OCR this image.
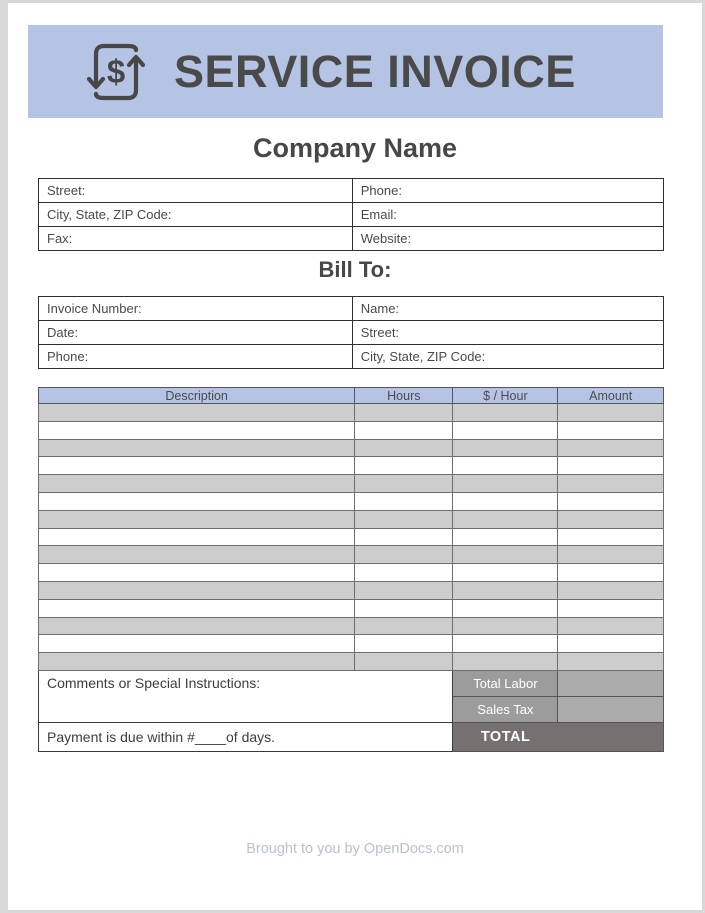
$ SERVICE INVOICE
Company Name
Street:	Phone:
City, State, ZIP Code:	Email:
Fax:	Website:
Bill To:
Invoice Number:	Name:
Date:	Street:
Phone:	City, State, ZIP Code:
Description	Hours	$ / Hour	Amount

Comments or Special Instructions:		Total Labor	
		Sales Tax	
Payment is due within #____of days.		TOTAL	
Brought to you by OpenDocs.com
